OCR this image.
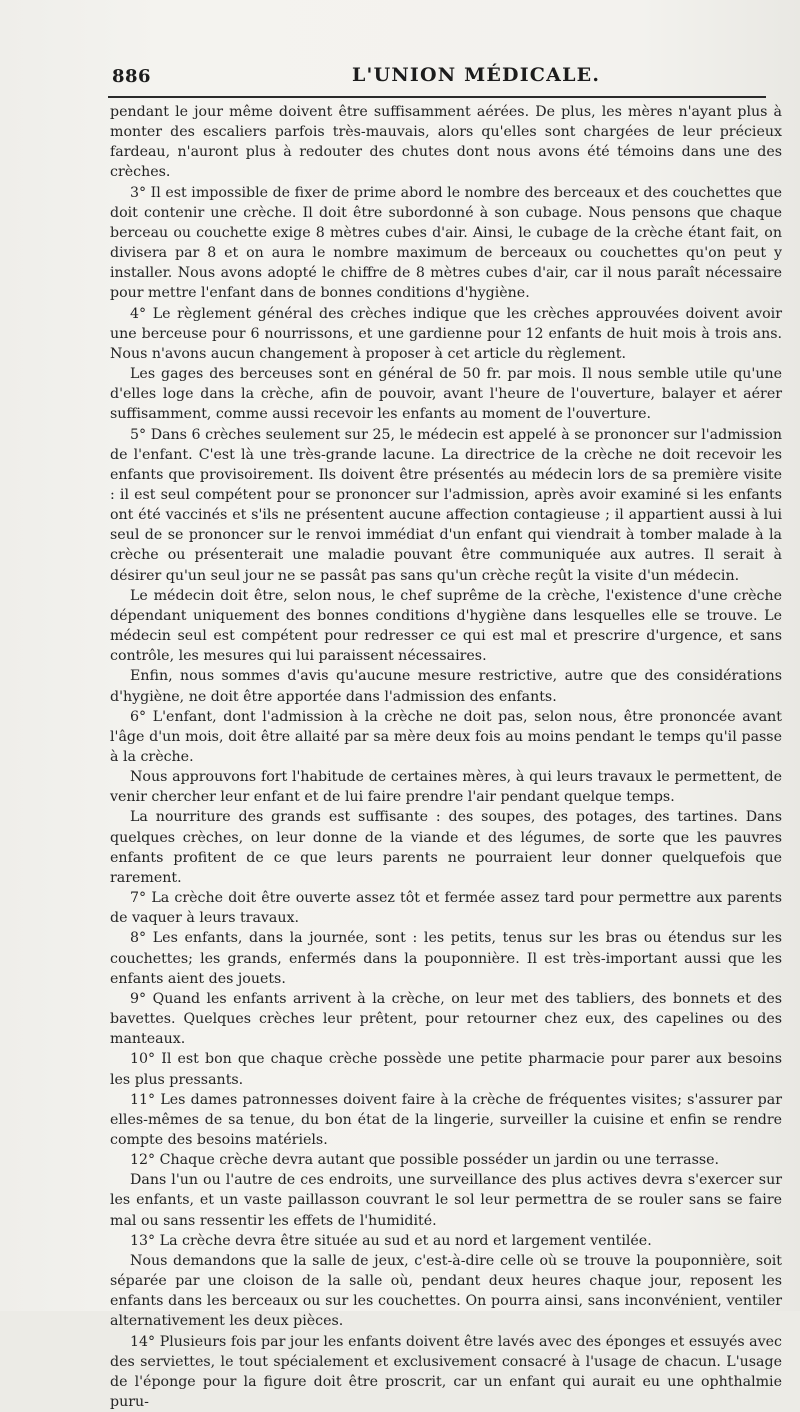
886	L'UNION MÉDICALE.

pendant le jour même doivent être suffisamment aérées. De plus, les mères n'ayant plus à monter des escaliers parfois très-mauvais, alors qu'elles sont chargées de leur précieux fardeau, n'auront plus à redouter des chutes dont nous avons été témoins dans une des crèches.

3° Il est impossible de fixer de prime abord le nombre des berceaux et des couchettes que doit contenir une crèche. Il doit être subordonné à son cubage. Nous pensons que chaque berceau ou couchette exige 8 mètres cubes d'air. Ainsi, le cubage de la crèche étant fait, on divisera par 8 et on aura le nombre maximum de berceaux ou couchettes qu'on peut y installer. Nous avons adopté le chiffre de 8 mètres cubes d'air, car il nous paraît nécessaire pour mettre l'enfant dans de bonnes conditions d'hygiène.

4° Le règlement général des crèches indique que les crèches approuvées doivent avoir une berceuse pour 6 nourrissons, et une gardienne pour 12 enfants de huit mois à trois ans. Nous n'avons aucun changement à proposer à cet article du règlement.

Les gages des berceuses sont en général de 50 fr. par mois. Il nous semble utile qu'une d'elles loge dans la crèche, afin de pouvoir, avant l'heure de l'ouverture, balayer et aérer suffisamment, comme aussi recevoir les enfants au moment de l'ouverture.

5° Dans 6 crèches seulement sur 25, le médecin est appelé à se prononcer sur l'admission de l'enfant. C'est là une très-grande lacune. La directrice de la crèche ne doit recevoir les enfants que provisoirement. Ils doivent être présentés au médecin lors de sa première visite : il est seul compétent pour se prononcer sur l'admission, après avoir examiné si les enfants ont été vaccinés et s'ils ne présentent aucune affection contagieuse ; il appartient aussi à lui seul de se prononcer sur le renvoi immédiat d'un enfant qui viendrait à tomber malade à la crèche ou présenterait une maladie pouvant être communiquée aux autres. Il serait à désirer qu'un seul jour ne se passât pas sans qu'un crèche reçût la visite d'un médecin.

Le médecin doit être, selon nous, le chef suprême de la crèche, l'existence d'une crèche dépendant uniquement des bonnes conditions d'hygiène dans lesquelles elle se trouve. Le médecin seul est compétent pour redresser ce qui est mal et prescrire d'urgence, et sans contrôle, les mesures qui lui paraissent nécessaires.

Enfin, nous sommes d'avis qu'aucune mesure restrictive, autre que des considérations d'hygiène, ne doit être apportée dans l'admission des enfants.

6° L'enfant, dont l'admission à la crèche ne doit pas, selon nous, être prononcée avant l'âge d'un mois, doit être allaité par sa mère deux fois au moins pendant le temps qu'il passe à la crèche.

Nous approuvons fort l'habitude de certaines mères, à qui leurs travaux le permettent, de venir chercher leur enfant et de lui faire prendre l'air pendant quelque temps.

La nourriture des grands est suffisante : des soupes, des potages, des tartines. Dans quelques crèches, on leur donne de la viande et des légumes, de sorte que les pauvres enfants profitent de ce que leurs parents ne pourraient leur donner quelquefois que rarement.

7° La crèche doit être ouverte assez tôt et fermée assez tard pour permettre aux parents de vaquer à leurs travaux.

8° Les enfants, dans la journée, sont : les petits, tenus sur les bras ou étendus sur les couchettes; les grands, enfermés dans la pouponnière. Il est très-important aussi que les enfants aient des jouets.

9° Quand les enfants arrivent à la crèche, on leur met des tabliers, des bonnets et des bavettes. Quelques crèches leur prêtent, pour retourner chez eux, des capelines ou des manteaux.

10° Il est bon que chaque crèche possède une petite pharmacie pour parer aux besoins les plus pressants.

11° Les dames patronnesses doivent faire à la crèche de fréquentes visites; s'assurer par elles-mêmes de sa tenue, du bon état de la lingerie, surveiller la cuisine et enfin se rendre compte des besoins matériels.

12° Chaque crèche devra autant que possible posséder un jardin ou une terrasse.

Dans l'un ou l'autre de ces endroits, une surveillance des plus actives devra s'exercer sur les enfants, et un vaste paillasson couvrant le sol leur permettra de se rouler sans se faire mal ou sans ressentir les effets de l'humidité.

13° La crèche devra être située au sud et au nord et largement ventilée.

Nous demandons que la salle de jeux, c'est-à-dire celle où se trouve la pouponnière, soit séparée par une cloison de la salle où, pendant deux heures chaque jour, reposent les enfants dans les berceaux ou sur les couchettes. On pourra ainsi, sans inconvénient, ventiler alternativement les deux pièces.

14° Plusieurs fois par jour les enfants doivent être lavés avec des éponges et essuyés avec des serviettes, le tout spécialement et exclusivement consacré à l'usage de chacun. L'usage de l'éponge pour la figure doit être proscrit, car un enfant qui aurait eu une ophthalmie puru-
